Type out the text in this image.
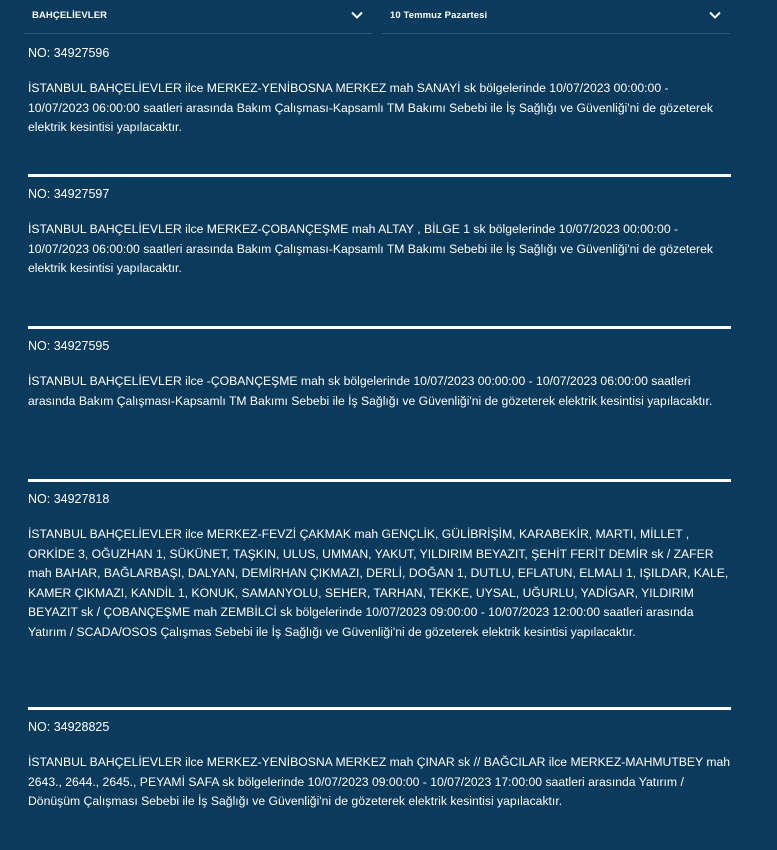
BAHÇELİEVLER	10 Temmuz Pazartesi
NO: 34927596
İSTANBUL BAHÇELİEVLER ilce MERKEZ-YENİBOSNA MERKEZ mah SANAYİ sk bölgelerinde 10/07/2023 00:00:00 - 10/07/2023 06:00:00 saatleri arasında Bakım Çalışması-Kapsamlı TM Bakımı Sebebi ile İş Sağlığı ve Güvenliği'ni de gözeterek elektrik kesintisi yapılacaktır.
NO: 34927597
İSTANBUL BAHÇELİEVLER ilce MERKEZ-ÇOBANÇEŞME mah ALTAY , BİLGE 1 sk bölgelerinde 10/07/2023 00:00:00 - 10/07/2023 06:00:00 saatleri arasında Bakım Çalışması-Kapsamlı TM Bakımı Sebebi ile İş Sağlığı ve Güvenliği'ni de gözeterek elektrik kesintisi yapılacaktır.
NO: 34927595
İSTANBUL BAHÇELİEVLER ilce -ÇOBANÇEŞME mah sk bölgelerinde 10/07/2023 00:00:00 - 10/07/2023 06:00:00 saatleri arasında Bakım Çalışması-Kapsamlı TM Bakımı Sebebi ile İş Sağlığı ve Güvenliği'ni de gözeterek elektrik kesintisi yapılacaktır.
NO: 34927818
İSTANBUL BAHÇELİEVLER ilce MERKEZ-FEVZİ ÇAKMAK mah GENÇLİK, GÜLİBRİŞİM, KARABEKİR, MARTI, MİLLET , ORKİDE 3, OĞUZHAN 1, SÜKÜNET, TAŞKIN, ULUS, UMMAN, YAKUT, YILDIRIM BEYAZIT, ŞEHİT FERİT DEMİR sk / ZAFER mah BAHAR, BAĞLARBAŞI, DALYAN, DEMİRHAN ÇIKMAZI, DERLİ, DOĞAN 1, DUTLU, EFLATUN, ELMALI 1, IŞILDAR, KALE, KAMER ÇIKMAZI, KANDİL 1, KONUK, SAMANYOLU, SEHER, TARHAN, TEKKE, UYSAL, UĞURLU, YADİGAR, YILDIRIM BEYAZIT sk / ÇOBANÇEŞME mah ZEMBİLCİ sk bölgelerinde 10/07/2023 09:00:00 - 10/07/2023 12:00:00 saatleri arasında Yatırım / SCADA/OSOS Çalışmas Sebebi ile İş Sağlığı ve Güvenliği'ni de gözeterek elektrik kesintisi yapılacaktır.
NO: 34928825
İSTANBUL BAHÇELİEVLER ilce MERKEZ-YENİBOSNA MERKEZ mah ÇINAR sk // BAĞCILAR ilce MERKEZ-MAHMUTBEY mah 2643., 2644., 2645., PEYAMİ SAFA sk bölgelerinde 10/07/2023 09:00:00 - 10/07/2023 17:00:00 saatleri arasında Yatırım / Dönüşüm Çalışması Sebebi ile İş Sağlığı ve Güvenliği'ni de gözeterek elektrik kesintisi yapılacaktır.
